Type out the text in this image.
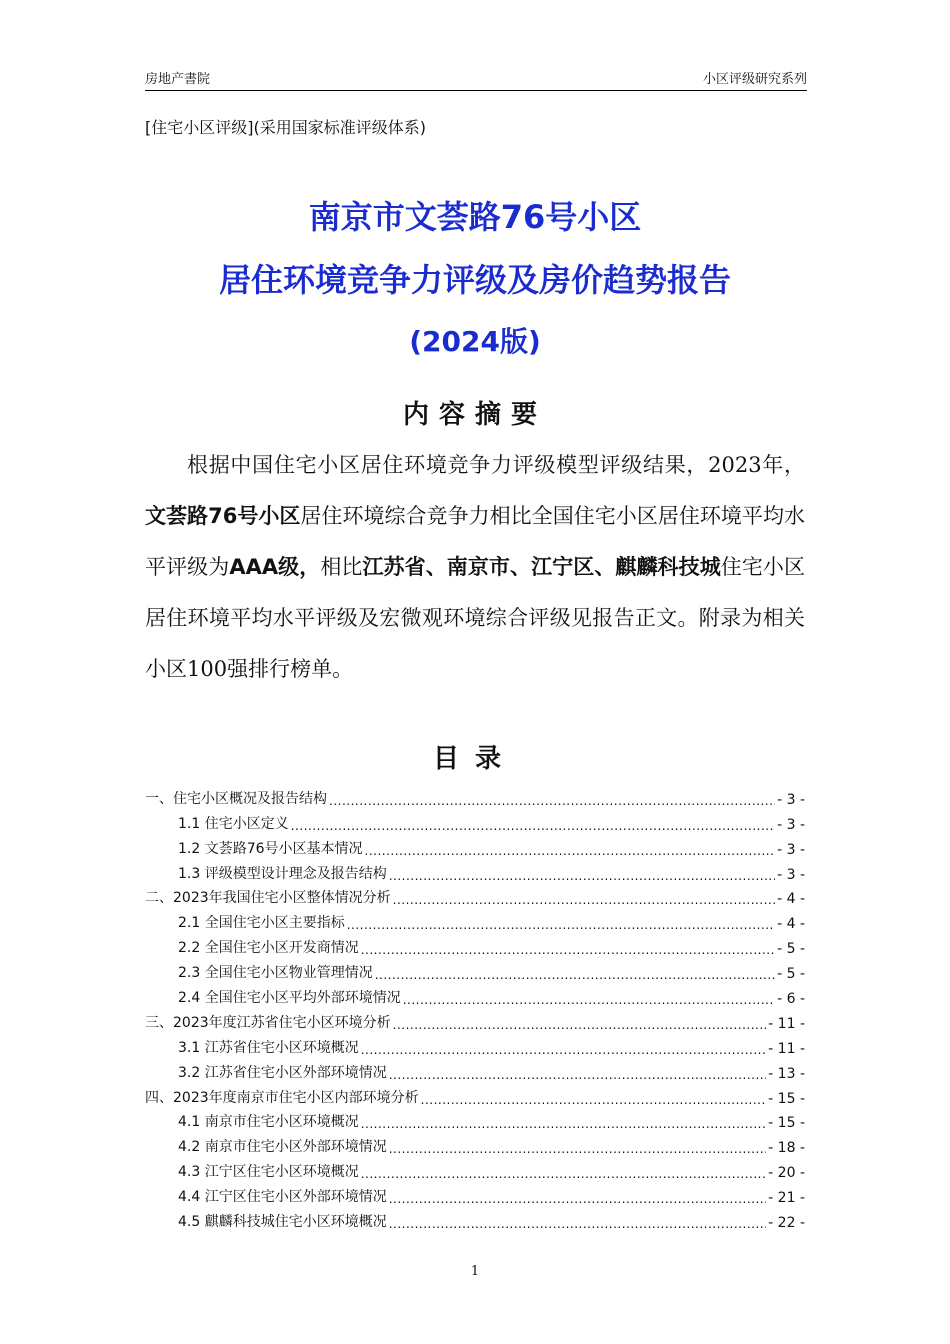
房地产書院	小区评级研究系列
[住宅小区评级](采用国家标准评级体系)
南京市文荟路76号小区
居住环境竞争力评级及房价趋势报告
(2024版)
内容摘要

根据中国住宅小区居住环境竞争力评级模型评级结果，2023年，文荟路76号小区居住环境综合竞争力相比全国住宅小区居住环境平均水平评级为AAA级，相比江苏省、南京市、江宁区、麒麟科技城住宅小区居住环境平均水平评级及宏微观环境综合评级见报告正文。附录为相关小区100强排行榜单。

目录
一、住宅小区概况及报告结构 .....	- 3 -
1.1 住宅小区定义 .....	- 3 -
1.2 文荟路76号小区基本情况 .....	- 3 -
1.3 评级模型设计理念及报告结构 .....	- 3 -
二、2023年我国住宅小区整体情况分析 .....	- 4 -
2.1 全国住宅小区主要指标 .....	- 4 -
2.2 全国住宅小区开发商情况 .....	- 5 -
2.3 全国住宅小区物业管理情况 .....	- 5 -
2.4 全国住宅小区平均外部环境情况 .....	- 6 -
三、2023年度江苏省住宅小区环境分析 .....	- 11 -
3.1 江苏省住宅小区环境概况 .....	- 11 -
3.2 江苏省住宅小区外部环境情况 .....	- 13 -
四、2023年度南京市住宅小区内部环境分析 .....	- 15 -
4.1 南京市住宅小区环境概况 .....	- 15 -
4.2 南京市住宅小区外部环境情况 .....	- 18 -
4.3 江宁区住宅小区环境概况 .....	- 20 -
4.4 江宁区住宅小区外部环境情况 .....	- 21 -
4.5 麒麟科技城住宅小区环境概况 .....	- 22 -
1
